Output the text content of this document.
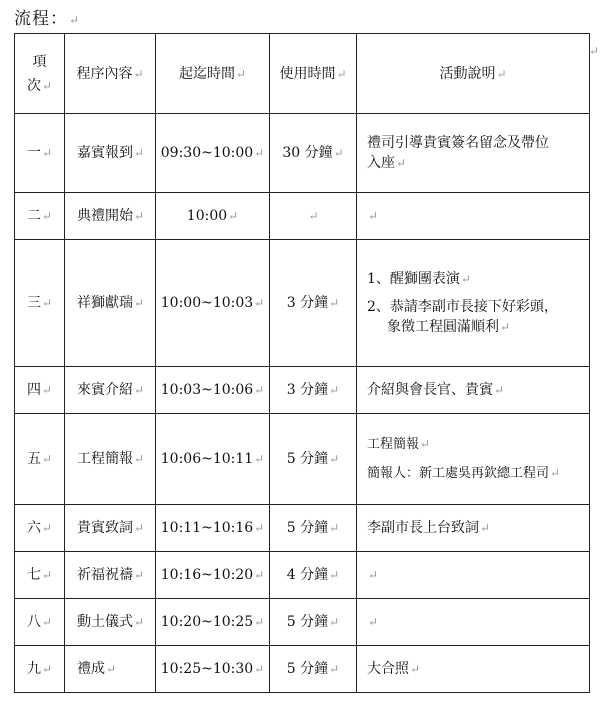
流程：↵
↵
項
次↵	程序內容↵	起迄時間↵	使用時間↵	活動說明↵
一↵	嘉賓報到↵	09:30~10:00↵	30 分鐘↵	禮司引導貴賓簽名留念及帶位
入座↵

二↵	典禮開始↵	10:00↵	↵	↵
三↵	祥獅獻瑞↵	10:00~10:03↵	3 分鐘↵	1、醒獅團表演↵
2、恭請李副市長接下好彩頭，
象徵工程圓滿順利↵

四↵	來賓介紹↵	10:03~10:06↵	3 分鐘↵	介紹與會長官、貴賓↵

五↵	工程簡報↵	10:06~10:11↵	5 分鐘↵	工程簡報↵
簡報人：新工處吳再欽總工程司↵

六↵	貴賓致詞↵	10:11~10:16↵	5 分鐘↵	李副市長上台致詞↵

七↵	祈福祝禱↵	10:16~10:20↵	4 分鐘↵	↵
八↵	動土儀式↵	10:20~10:25↵	5 分鐘↵	↵
九↵	禮成↵	10:25~10:30↵	5 分鐘↵	大合照↵
